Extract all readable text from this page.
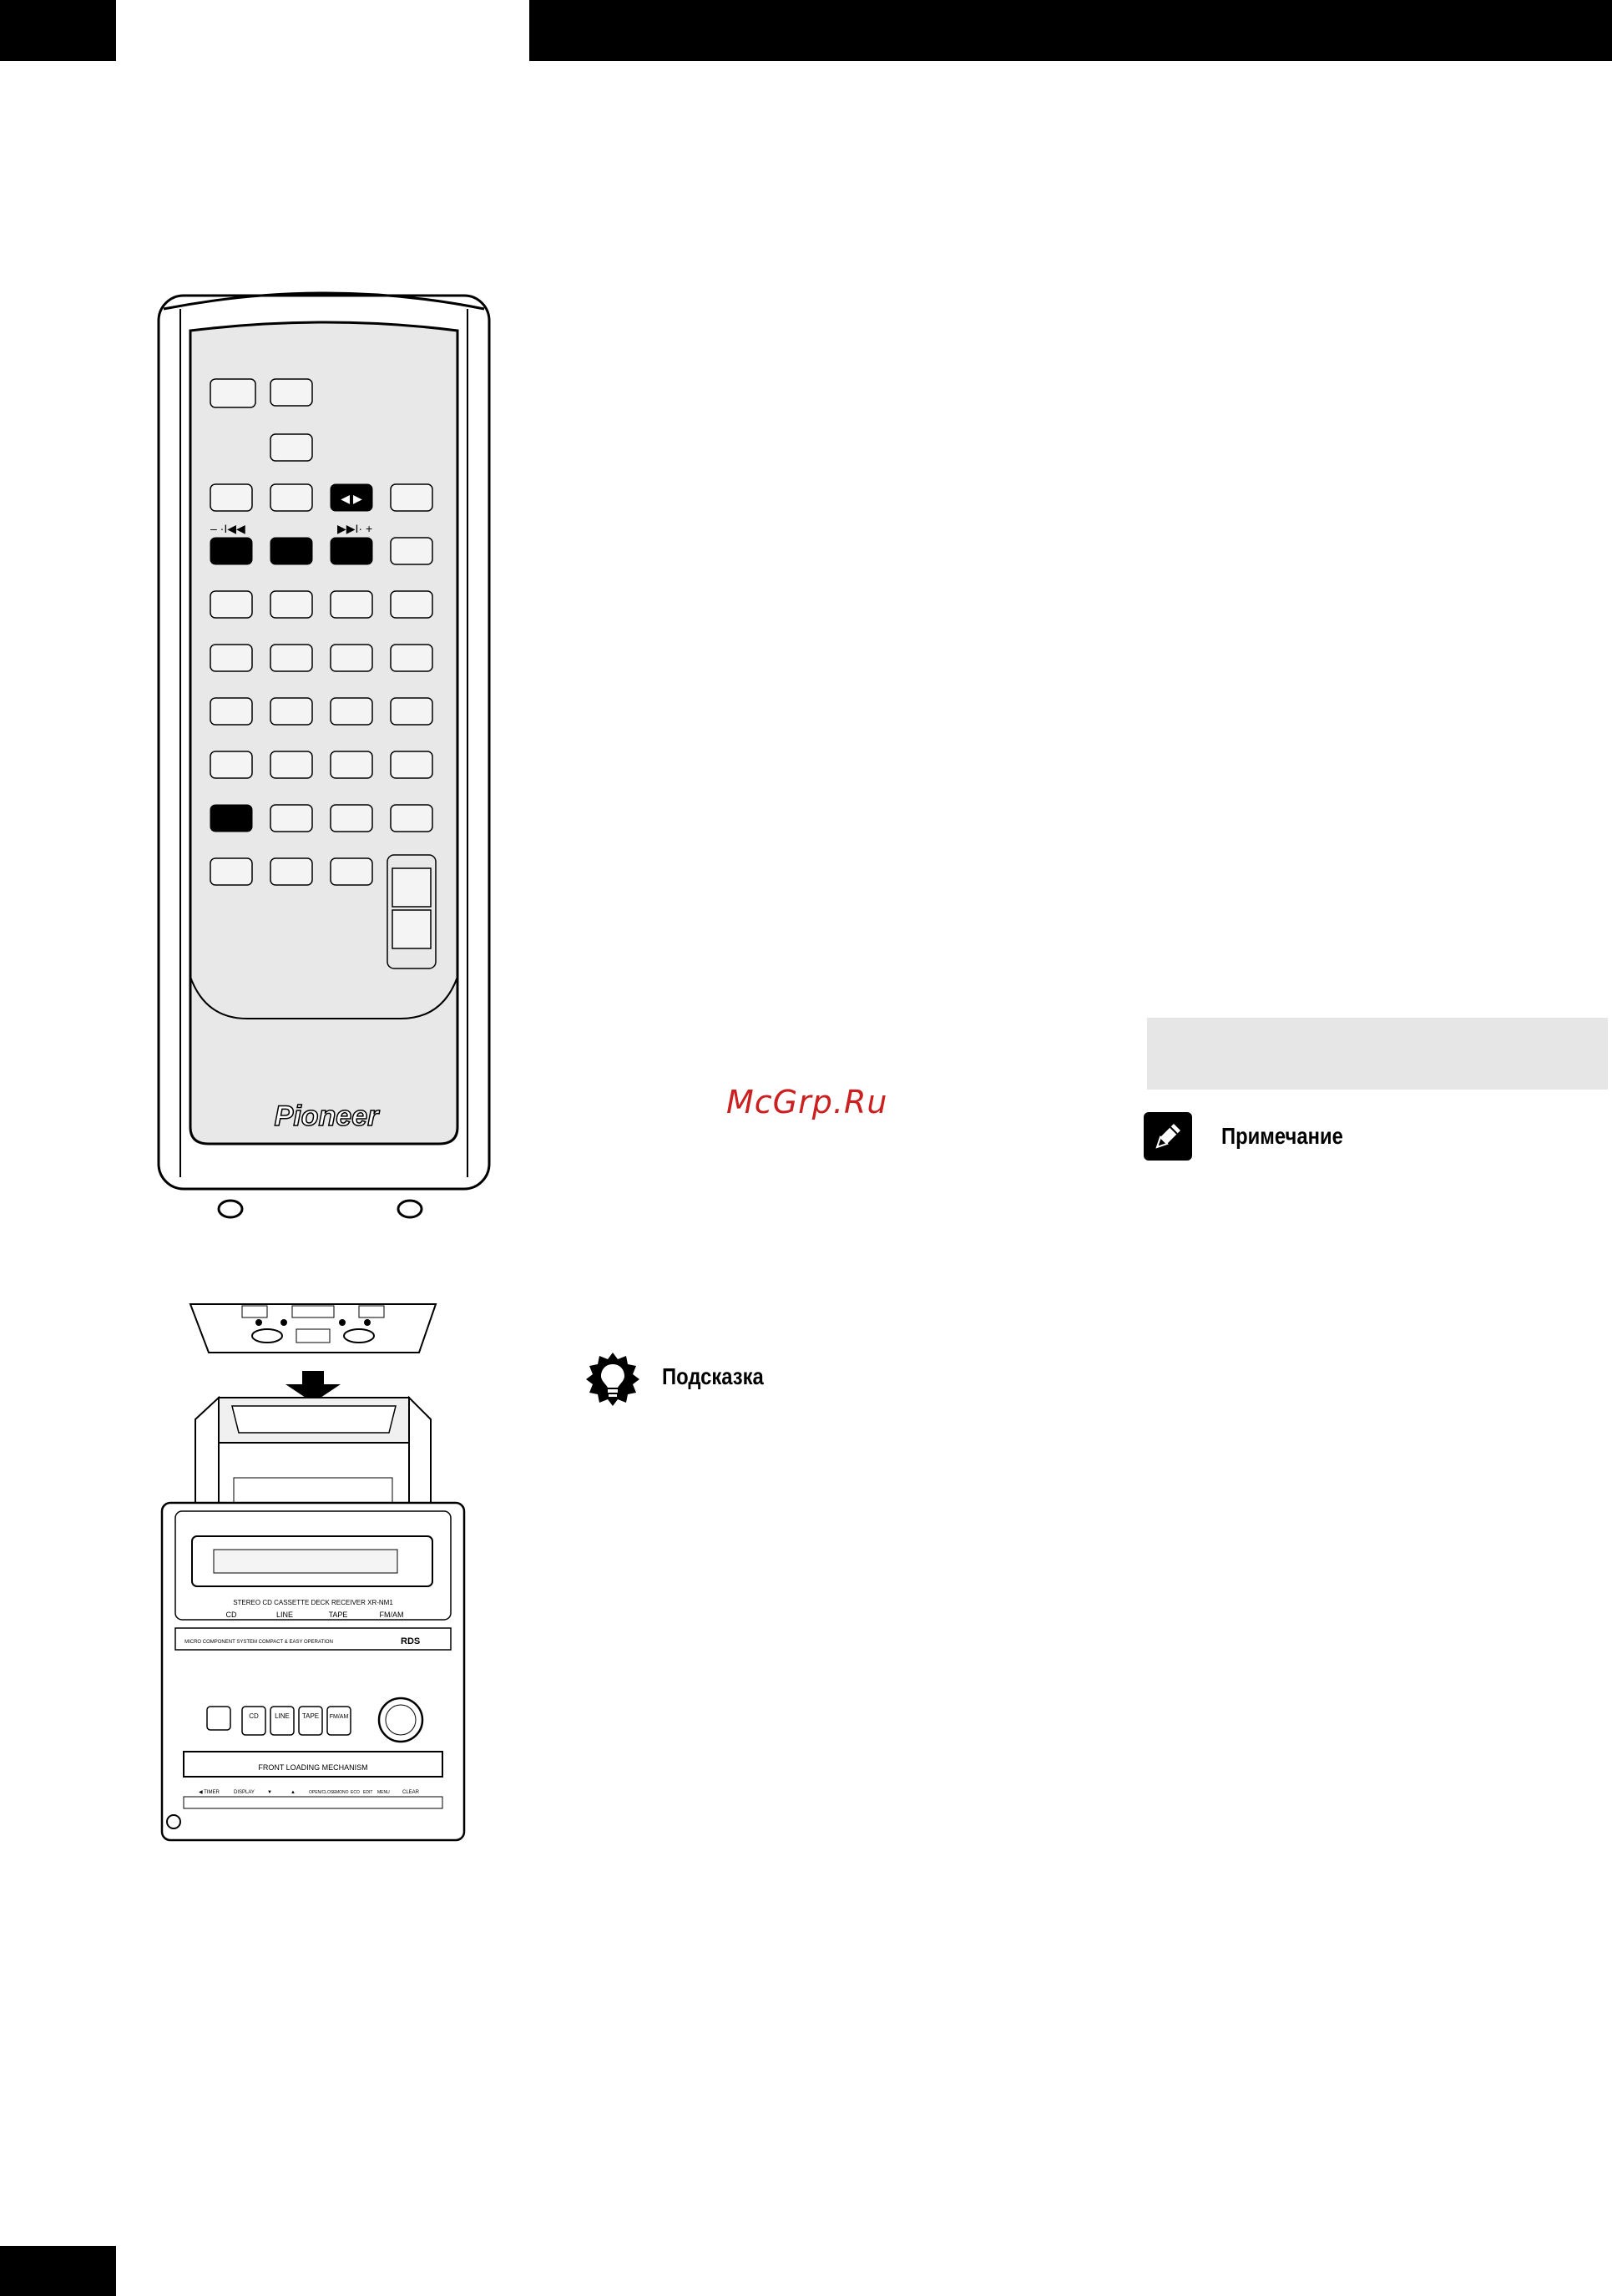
◀ ▶
– ·I◀◀	▶▶I· +
Pioneer
STEREO CD CASSETTE DECK RECEIVER XR-NM1
CD	LINE	TAPE	FM/AM
MICRO COMPONENT SYSTEM COMPACT & EASY OPERATION	RDS
CD LINE TAPE FM/AM
FRONT LOADING MECHANISM
◀ TIMER	DISPLAY	▼	▲	OPEN/CLOSE MONO ECO EDIT MENU	CLEAR
McGrp.Ru
Примечание
Подсказка
